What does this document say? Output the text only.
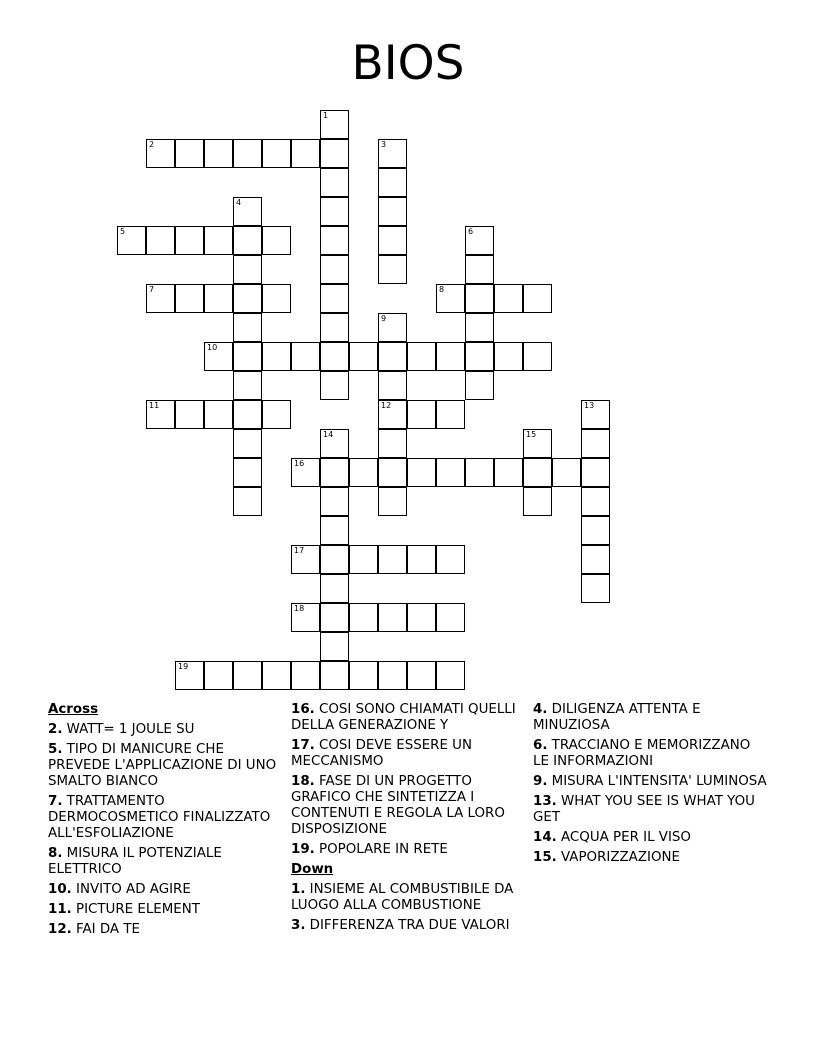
BIOS
1
2	3
4
5	6
7	8
9
10
11	12	13
14	15
16
17
18
19
Across
2. WATT= 1 JOULE SU
5. TIPO DI MANICURE CHE PREVEDE L'APPLICAZIONE DI UNO SMALTO BIANCO
7. TRATTAMENTO DERMOCOSMETICO FINALIZZATO ALL'ESFOLIAZIONE
8. MISURA IL POTENZIALE ELETTRICO
10. INVITO AD AGIRE
11. PICTURE ELEMENT
12. FAI DA TE
16. COSI SONO CHIAMATI QUELLI DELLA GENERAZIONE Y
17. COSI DEVE ESSERE UN MECCANISMO
18. FASE DI UN PROGETTO GRAFICO CHE SINTETIZZA I CONTENUTI E REGOLA LA LORO DISPOSIZIONE
19. POPOLARE IN RETE
Down
1. INSIEME AL COMBUSTIBILE DA LUOGO ALLA COMBUSTIONE
3. DIFFERENZA TRA DUE VALORI
4. DILIGENZA ATTENTA E MINUZIOSA
6. TRACCIANO E MEMORIZZANO LE INFORMAZIONI
9. MISURA L'INTENSITA' LUMINOSA
13. WHAT YOU SEE IS WHAT YOU GET
14. ACQUA PER IL VISO
15. VAPORIZZAZIONE
